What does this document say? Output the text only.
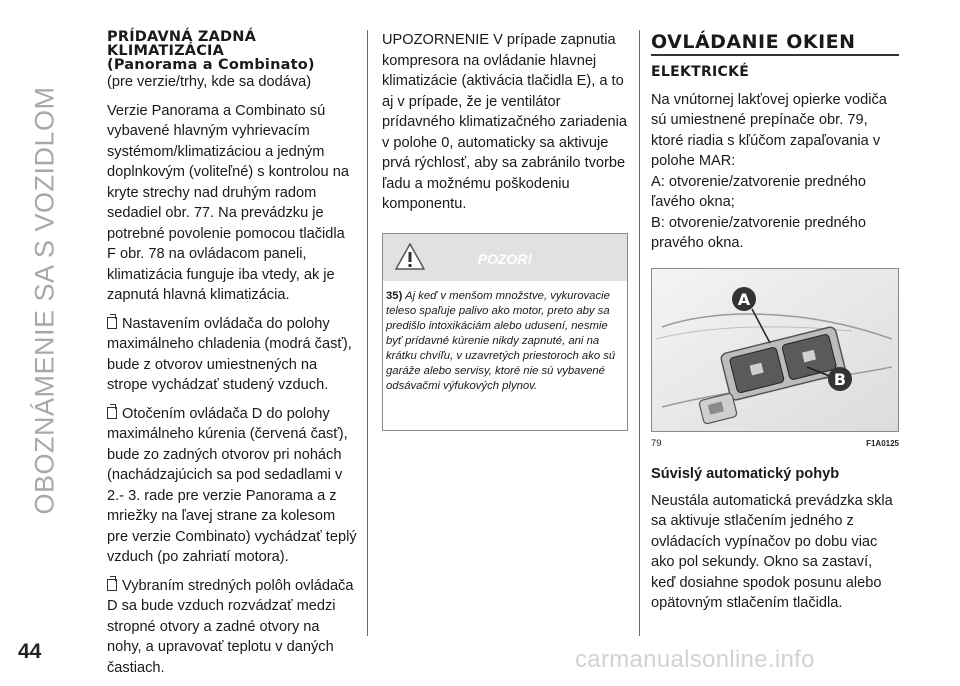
OBOZNÁMENIE SA S VOZIDLOM
PRÍDAVNÁ ZADNÁ
KLIMATIZÁCIA
(Panorama a Combinato)

(pre verzie/trhy, kde sa dodáva)

Verzie Panorama a Combinato sú vybavené hlavným vyhrievacím systémom/klimatizáciou a jedným doplnkovým (voliteľné) s kontrolou na kryte strechy nad druhým radom sedadiel obr. 77. Na prevádzku je potrebné povolenie pomocou tlačidla F obr. 78 na ovládacom paneli, klimatizácia funguje iba vtedy, ak je zapnutá hlavná klimatizácia.

Nastavením ovládača do polohy maximálneho chladenia (modrá časť), bude z otvorov umiestnených na strope vychádzať studený vzduch.

Otočením ovládača D do polohy maximálneho kúrenia (červená časť), bude zo zadných otvorov pri nohách (nachádzajúcich sa pod sedadlami v 2.- 3. rade pre verzie Panorama a z mriežky na ľavej strane za kolesom pre verzie Combinato) vychádzať teplý vzduch (po zahriatí motora).

Vybraním stredných polôh ovládača D sa bude vzduch rozvádzať medzi stropné otvory a zadné otvory na nohy, a upravovať teplotu v daných častiach.

UPOZORNENIE V prípade zapnutia kompresora na ovládanie hlavnej klimatizácie (aktivácia tlačidla E), a to aj v prípade, že je ventilátor prídavného klimatizačného zariadenia v polohe 0, automaticky sa aktivuje prvá rýchlosť, aby sa zabránilo tvorbe ľadu a možnému poškodeniu komponentu.

POZOR!
35) Aj keď v menšom množstve, vykurovacie teleso spaľuje palivo ako motor, preto aby sa predišlo intoxikáciám alebo udusení, nesmie byť prídavné kúrenie nikdy zapnuté, ani na krátku chvíľu, v uzavretých priestoroch ako sú garáže alebo servisy, ktoré nie sú vybavené odsávačmi výfukových plynov.
OVLÁDANIE OKIEN
ELEKTRICKÉ

Na vnútornej lakťovej opierke vodiča sú umiestnené prepínače obr. 79, ktoré riadia s kľúčom zapaľovania v polohe MAR:

A: otvorenie/zatvorenie predného ľavého okna;
B: otvorenie/zatvorenie predného pravého okna.
A
B
79	F1A0125
Súvislý automatický pohyb

Neustála automatická prevádzka skla sa aktivuje stlačením jedného z ovládacích vypínačov po dobu viac ako pol sekundy. Okno sa zastaví, keď dosiahne spodok posunu alebo opätovným stlačením tlačidla.

44	carmanualsonline.info
